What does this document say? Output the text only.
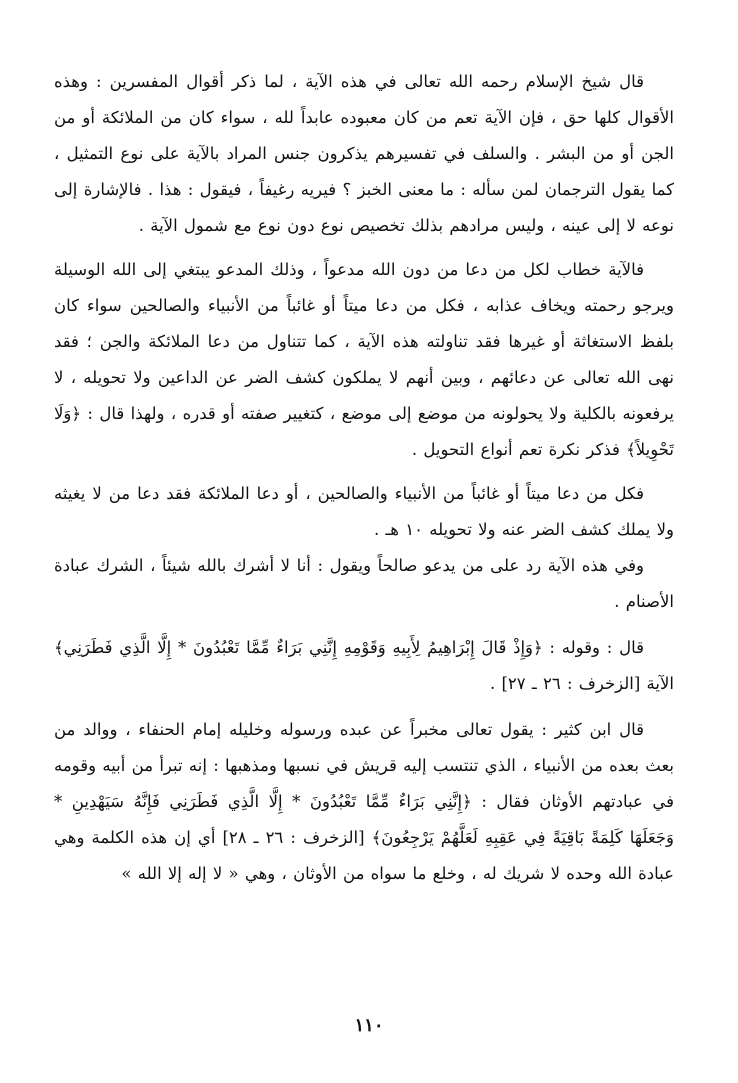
قال شيخ الإسلام رحمه الله تعالى في هذه الآية ، لما ذكر أقوال المفسرين : وهذه الأقوال كلها حق ، فإن الآية تعم من كان معبوده عابداً لله ، سواء كان من الملائكة أو من الجن أو من البشر . والسلف في تفسيرهم يذكرون جنس المراد بالآية على نوع التمثيل ، كما يقول الترجمان لمن سأله : ما معنى الخبز ؟ فيريه رغيفاً ، فيقول : هذا . فالإشارة إلى نوعه لا إلى عينه ، وليس مرادهم بذلك تخصيص نوع دون نوع مع شمول الآية .

فالآية خطاب لكل من دعا من دون الله مدعواً ، وذلك المدعو يبتغي إلى الله الوسيلة ويرجو رحمته ويخاف عذابه ، فكل من دعا ميتاً أو غائباً من الأنبياء والصالحين سواء كان بلفظ الاستغاثة أو غيرها فقد تناولته هذه الآية ، كما تتناول من دعا الملائكة والجن ؛ فقد نهى الله تعالى عن دعائهم ، وبين أنهم لا يملكون كشف الضر عن الداعين ولا تحويله ، لا يرفعونه بالكلية ولا يحولونه من موضع إلى موضع ، كتغيير صفته أو قدره ، ولهذا قال : ﴿وَلَا تَحْوِيلاً﴾ فذكر نكرة تعم أنواع التحويل .

فكل من دعا ميتاً أو غائباً من الأنبياء والصالحين ، أو دعا الملائكة فقد دعا من لا يغيثه ولا يملك كشف الضر عنه ولا تحويله ١٠ هـ .

وفي هذه الآية رد على من يدعو صالحاً ويقول : أنا لا أشرك بالله شيئاً ، الشرك عبادة الأصنام .

قال : وقوله : ﴿وَإِذْ قَالَ إِبْرَاهِيمُ لِأَبِيهِ وَقَوْمِهِ إِنَّنِي بَرَاءٌ مِّمَّا تَعْبُدُونَ * إِلَّا الَّذِي فَطَرَنِي﴾ الآية [الزخرف : ٢٦ ـ ٢٧] .

قال ابن كثير : يقول تعالى مخبراً عن عبده ورسوله وخليله إمام الحنفاء ، ووالد من بعث بعده من الأنبياء ، الذي تنتسب إليه قريش في نسبها ومذهبها : إنه تبرأ من أبيه وقومه في عبادتهم الأوثان فقال : ﴿إِنَّنِي بَرَاءٌ مِّمَّا تَعْبُدُونَ * إِلَّا الَّذِي فَطَرَنِي فَإِنَّهُ سَيَهْدِينِ * وَجَعَلَهَا كَلِمَةً بَاقِيَةً فِي عَقِبِهِ لَعَلَّهُمْ يَرْجِعُونَ﴾ [الزخرف : ٢٦ ـ ٢٨] أي إن هذه الكلمة وهي عبادة الله وحده لا شريك له ، وخلع ما سواه من الأوثان ، وهي « لا إله إلا الله »

١١٠
